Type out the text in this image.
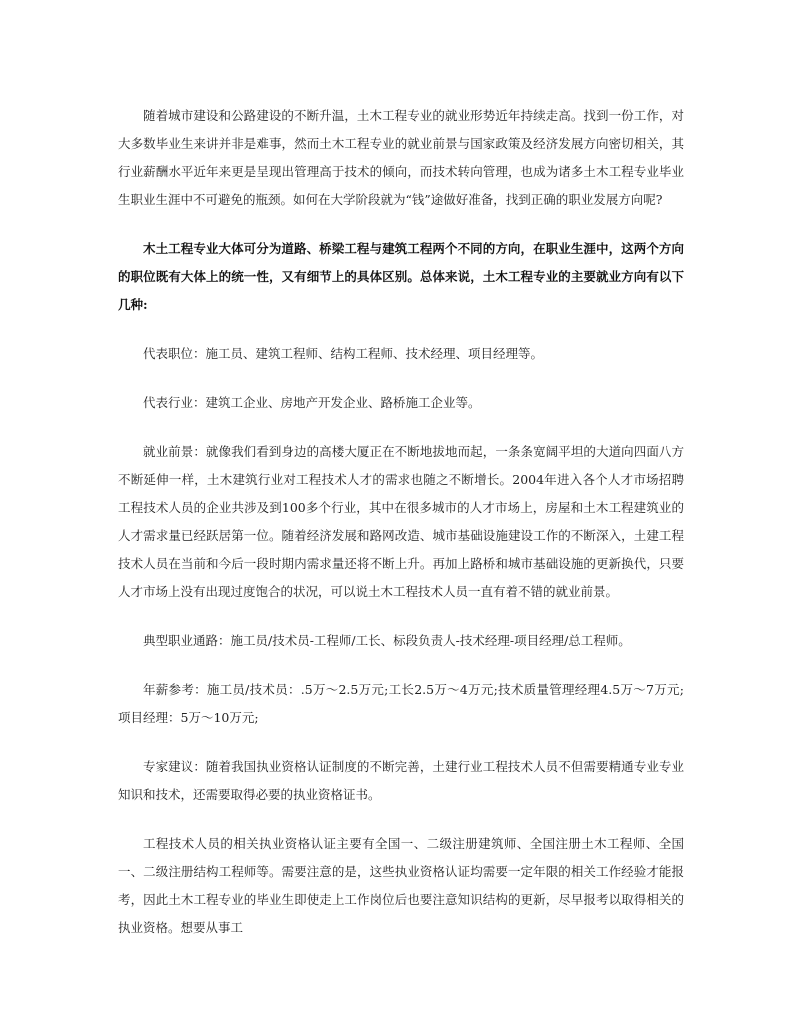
随着城市建设和公路建设的不断升温，土木工程专业的就业形势近年持续走高。找到一份工作，对大多数毕业生来讲并非是难事，然而土木工程专业的就业前景与国家政策及经济发展方向密切相关，其行业薪酬水平近年来更是呈现出管理高于技术的倾向，而技术转向管理，也成为诸多土木工程专业毕业生职业生涯中不可避免的瓶颈。如何在大学阶段就为“钱”途做好准备，找到正确的职业发展方向呢?

木土工程专业大体可分为道路、桥梁工程与建筑工程两个不同的方向，在职业生涯中，这两个方向的职位既有大体上的统一性，又有细节上的具体区别。总体来说，土木工程专业的主要就业方向有以下几种:

代表职位：施工员、建筑工程师、结构工程师、技术经理、项目经理等。

代表行业：建筑工企业、房地产开发企业、路桥施工企业等。

就业前景：就像我们看到身边的高楼大厦正在不断地拔地而起，一条条宽阔平坦的大道向四面八方不断延伸一样，土木建筑行业对工程技术人才的需求也随之不断增长。2004年进入各个人才市场招聘工程技术人员的企业共涉及到100多个行业，其中在很多城市的人才市场上，房屋和土木工程建筑业的人才需求量已经跃居第一位。随着经济发展和路网改造、城市基础设施建设工作的不断深入，土建工程技术人员在当前和今后一段时期内需求量还将不断上升。再加上路桥和城市基础设施的更新换代，只要人才市场上没有出现过度饱合的状况，可以说土木工程技术人员一直有着不错的就业前景。

典型职业通路：施工员/技术员-工程师/工长、标段负责人-技术经理-项目经理/总工程师。

年薪参考：施工员/技术员：.5万～2.5万元;工长2.5万～4万元;技术质量管理经理4.5万～7万元;项目经理：5万～10万元;

专家建议：随着我国执业资格认证制度的不断完善，土建行业工程技术人员不但需要精通专业专业知识和技术，还需要取得必要的执业资格证书。

工程技术人员的相关执业资格认证主要有全国一、二级注册建筑师、全国注册土木工程师、全国一、二级注册结构工程师等。需要注意的是，这些执业资格认证均需要一定年限的相关工作经验才能报考，因此土木工程专业的毕业生即使走上工作岗位后也要注意知识结构的更新，尽早报考以取得相关的执业资格。想要从事工
